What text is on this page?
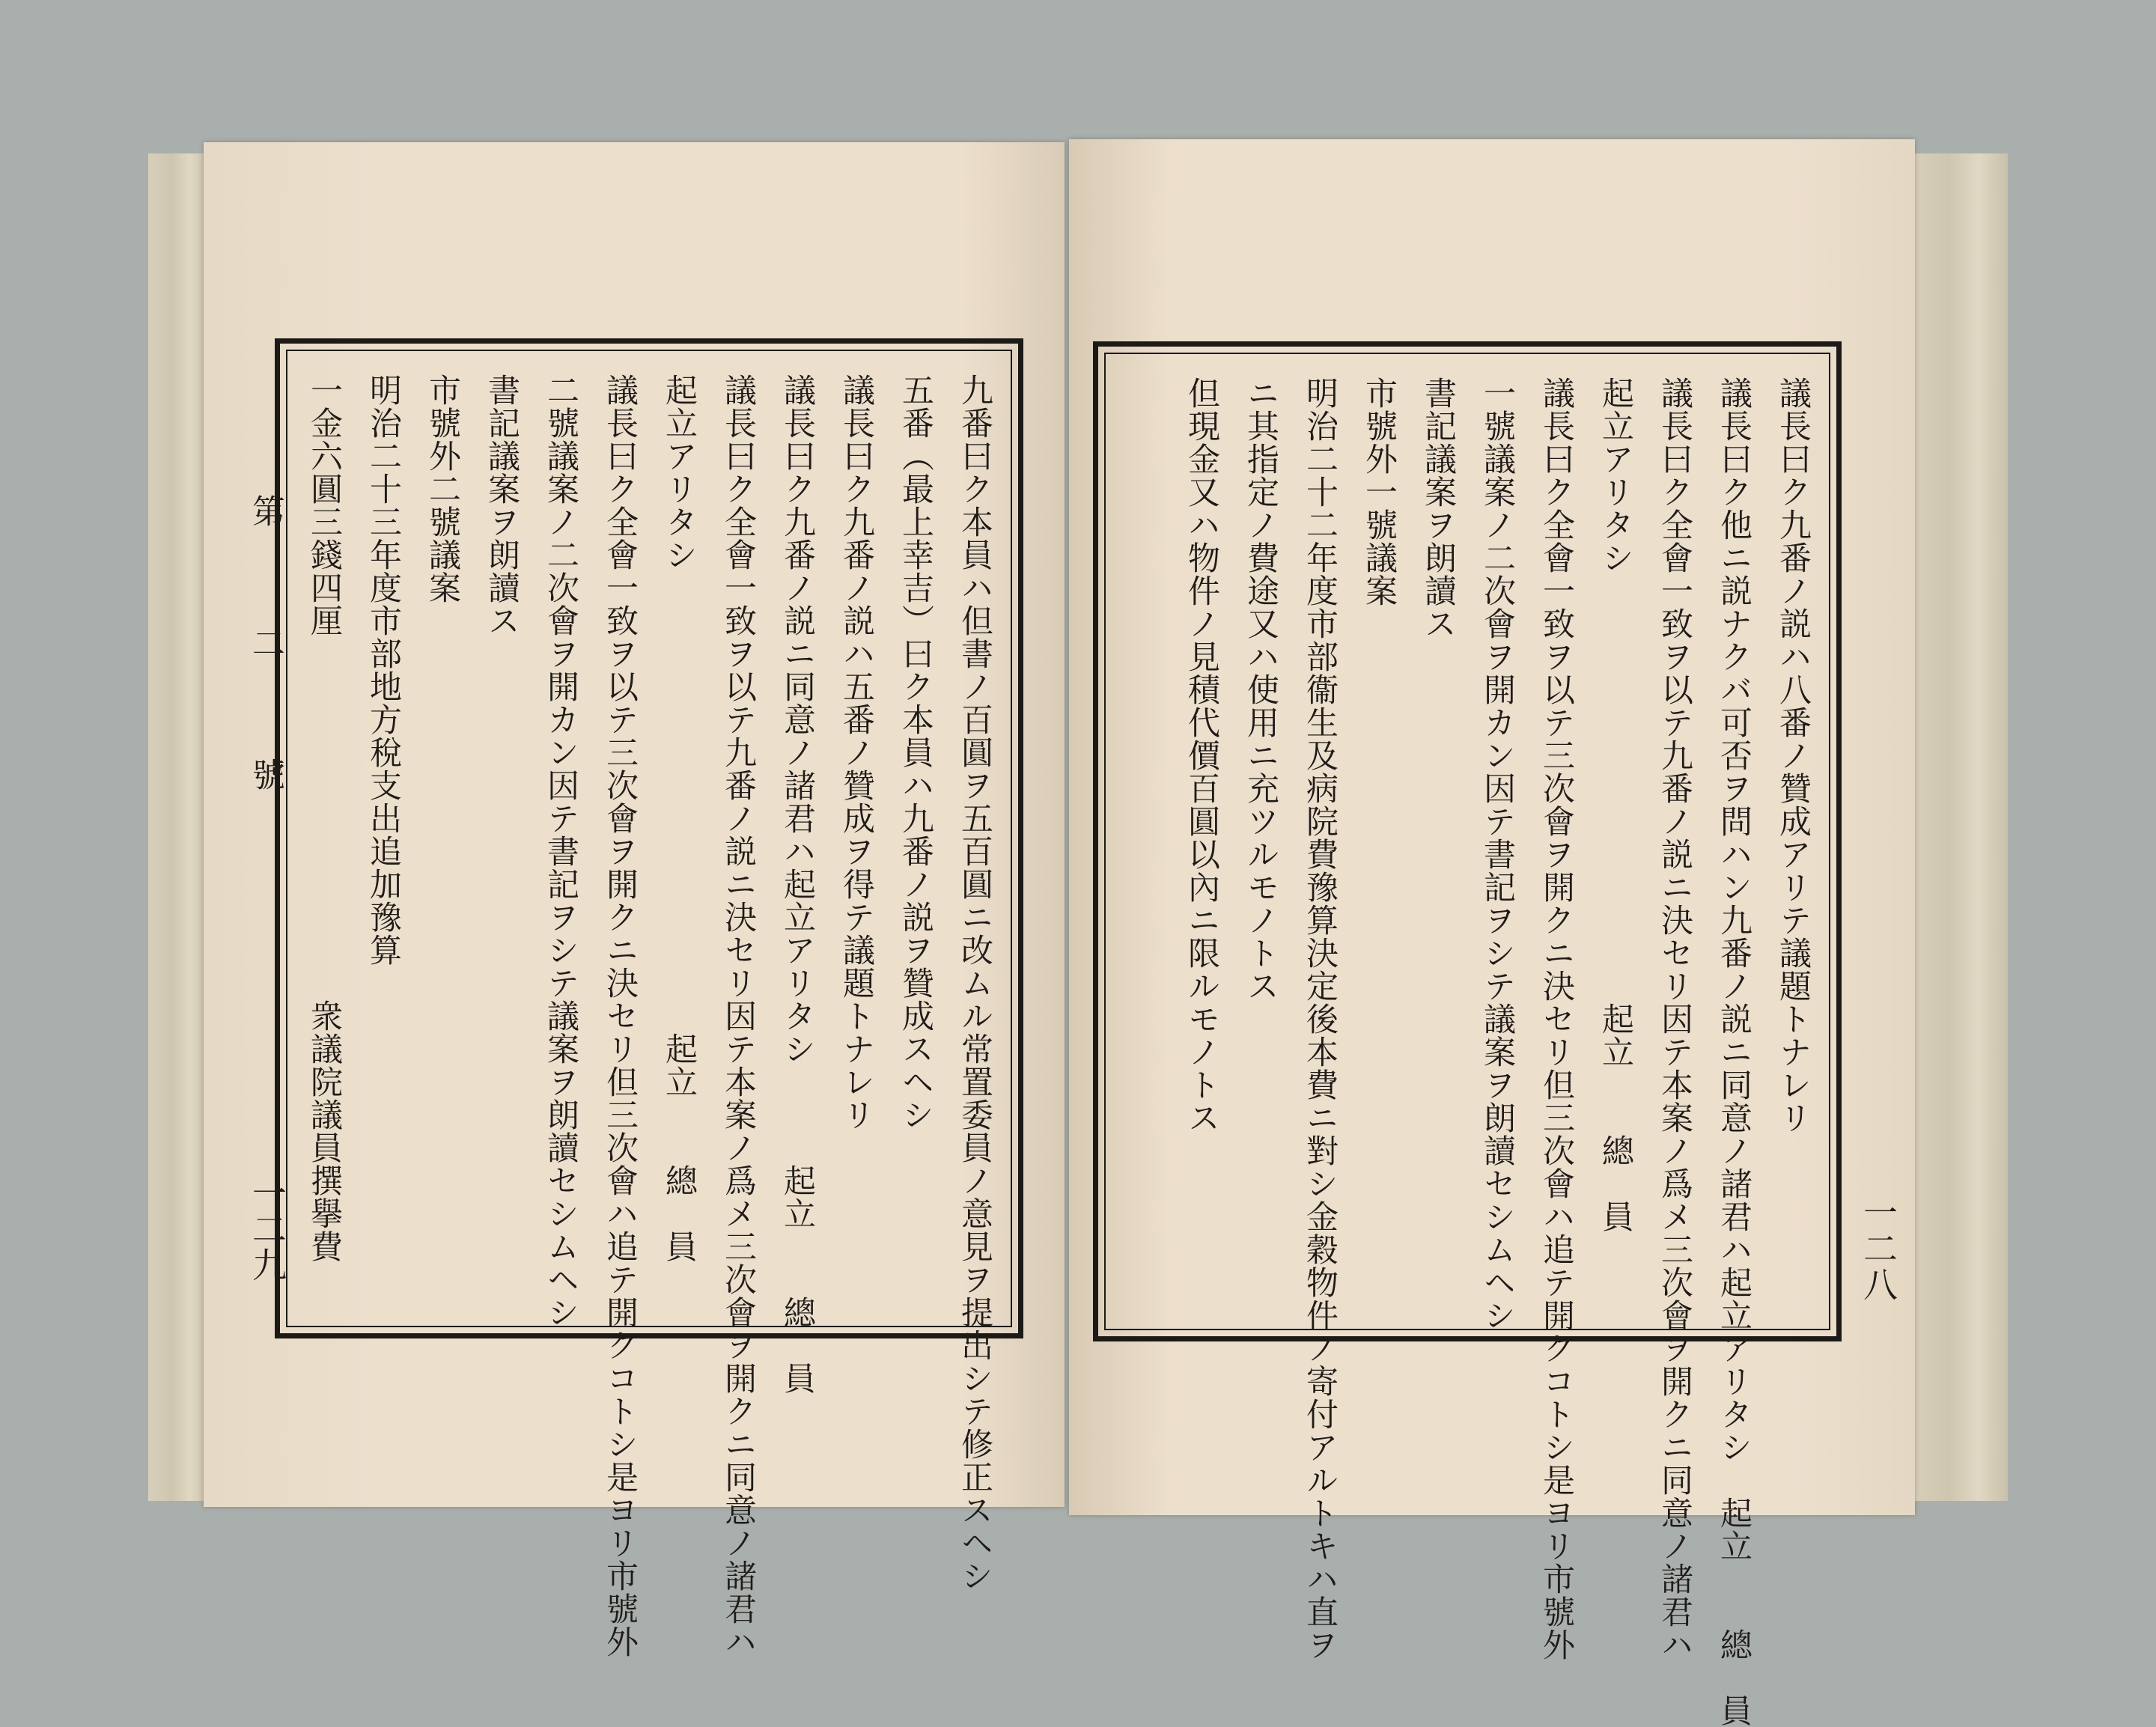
第　二　號
一二九	九番曰ク本員ハ但書ノ百圓ヲ五百圓ニ改ムル常置委員ノ意見ヲ提出シテ修正スヘシ
五番（最上幸吉）曰ク本員ハ九番ノ説ヲ贊成スヘシ
議長曰ク九番ノ説ハ五番ノ贊成ヲ得テ議題トナレリ
議長曰ク九番ノ説ニ同意ノ諸君ハ起立アリタシ　　　起立　　總　員
議長曰ク全會一致ヲ以テ九番ノ説ニ決セリ因テ本案ノ爲メ三次會ヲ開クニ同意ノ諸君ハ
起立アリタシ　　　　　　　　　　　　　　起立　　總　員
議長曰ク全會一致ヲ以テ三次會ヲ開クニ決セリ但三次會ハ追テ開クコトシ是ヨリ市號外
二號議案ノ二次會ヲ開カン因テ書記ヲシテ議案ヲ朗讀セシムヘシ
書記議案ヲ朗讀ス
市號外二號議案
明治二十三年度市部地方稅支出追加豫算
一金六圓三錢四厘　　　　　　　　　　　衆議院議員撰擧費	議長曰ク九番ノ説ハ八番ノ贊成アリテ議題トナレリ
議長曰ク他ニ説ナクバ可否ヲ問ハン九番ノ説ニ同意ノ諸君ハ起立アリタシ　起立　　總　員
議長曰ク全會一致ヲ以テ九番ノ説ニ決セリ因テ本案ノ爲メ三次會ヲ開クニ同意ノ諸君ハ
起立アリタシ　　　　　　　　　　　　　起立　　總　員
議長曰ク全會一致ヲ以テ三次會ヲ開クニ決セリ但三次會ハ追テ開クコトシ是ヨリ市號外
一號議案ノ二次會ヲ開カン因テ書記ヲシテ議案ヲ朗讀セシムヘシ
書記議案ヲ朗讀ス
市號外一號議案
明治二十二年度市部衞生及病院費豫算決定後本費ニ對シ金穀物件ノ寄付アルトキハ直ヲ
ニ其指定ノ費途又ハ使用ニ充ツルモノトス
但現金又ハ物件ノ見積代價百圓以內ニ限ルモノトス
一二八
